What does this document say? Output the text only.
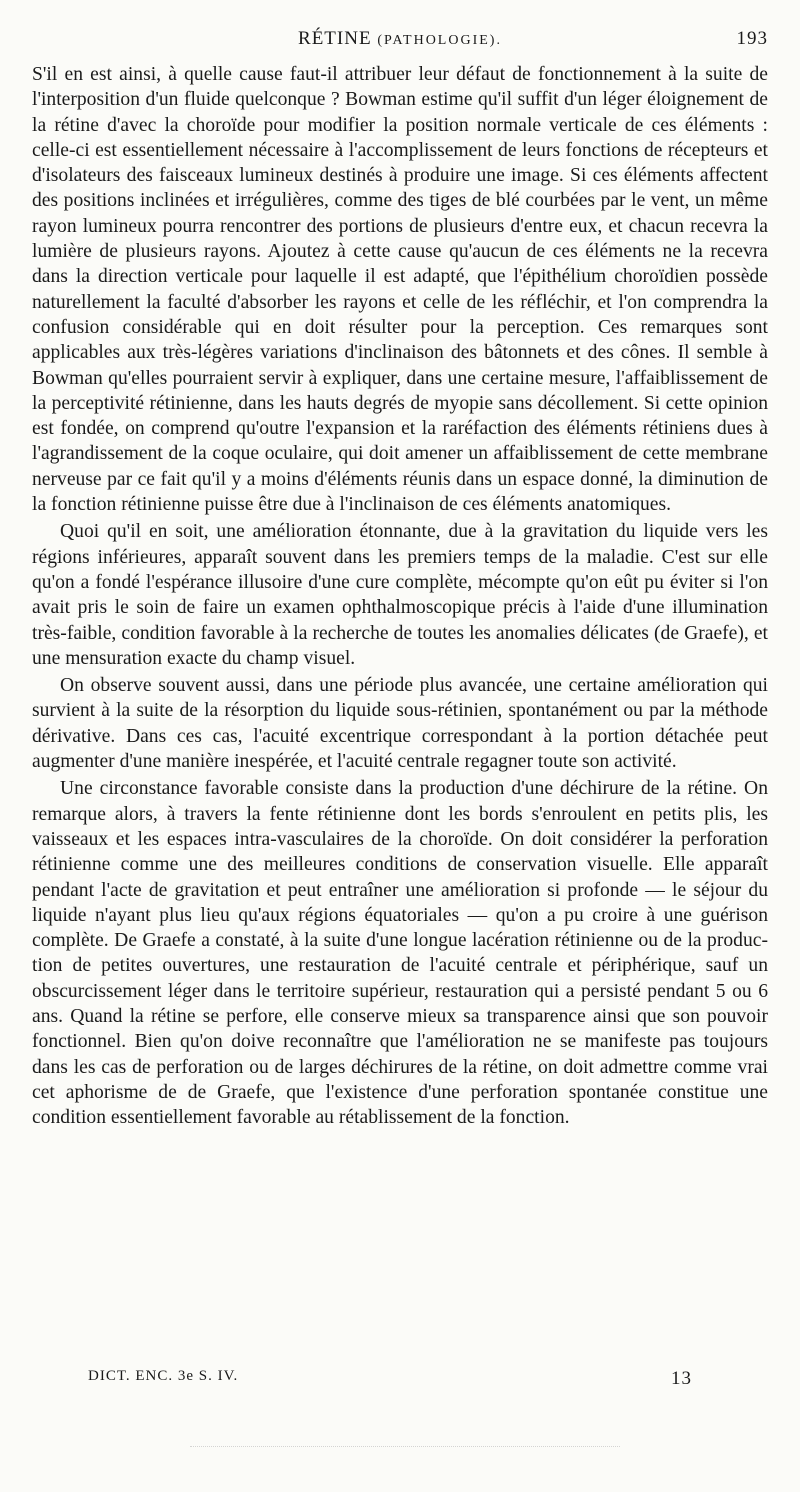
RÉTINE (PATHOLOGIE).	193

S'il en est ainsi, à quelle cause faut-il attribuer leur défaut de fonctionnement à la suite de l'interposition d'un fluide quelconque ? Bowman estime qu'il suffit d'un léger éloignement de la rétine d'avec la choroïde pour modifier la position normale verticale de ces éléments : celle-ci est essentiellement nécessaire à l'accomplissement de leurs fonctions de récepteurs et d'isolateurs des faisceaux lumineux destinés à produire une image. Si ces éléments affectent des positions inclinées et irrégulières, comme des tiges de blé courbées par le vent, un même rayon lumineux pourra rencontrer des portions de plusieurs d'entre eux, et chacun recevra la lumière de plusieurs rayons. Ajoutez à cette cause qu'aucun de ces éléments ne la recevra dans la direction verticale pour laquelle il est adapté, que l'épithélium choroïdien possède naturellement la faculté d'absorber les rayons et celle de les réfléchir, et l'on comprendra la confusion considérable qui en doit résulter pour la perception. Ces remarques sont applicables aux très-légères variations d'inclinaison des bâtonnets et des cônes. Il semble à Bowman qu'elles pourraient servir à expliquer, dans une certaine mesure, l'affaiblissement de la perceptivité rétinienne, dans les hauts degrés de myopie sans décollement. Si cette opinion est fondée, on comprend qu'outre l'expansion et la raréfaction des éléments rétiniens dues à l'agrandissement de la coque oculaire, qui doit amener un affaiblissement de cette membrane nerveuse par ce fait qu'il y a moins d'éléments réunis dans un espace donné, la diminution de la fonction rétinienne puisse être due à l'inclinaison de ces éléments anatomiques.

Quoi qu'il en soit, une amélioration étonnante, due à la gravitation du liquide vers les régions inférieures, apparaît souvent dans les premiers temps de la maladie. C'est sur elle qu'on a fondé l'espérance illusoire d'une cure complète, mécompte qu'on eût pu éviter si l'on avait pris le soin de faire un examen ophthalmoscopique précis à l'aide d'une illumination très-faible, condition favorable à la recherche de toutes les anomalies délicates (de Graefe), et une mensuration exacte du champ visuel.

On observe souvent aussi, dans une période plus avancée, une certaine amélioration qui survient à la suite de la résorption du liquide sous-rétinien, spontanément ou par la méthode dérivative. Dans ces cas, l'acuité excentrique correspondant à la portion détachée peut augmenter d'une manière inespérée, et l'acuité centrale regagner toute son activité.

Une circonstance favorable consiste dans la production d'une déchirure de la rétine. On remarque alors, à travers la fente rétinienne dont les bords s'enroulent en petits plis, les vaisseaux et les espaces intra-vasculaires de la choroïde. On doit considérer la perforation rétinienne comme une des meilleures conditions de conservation visuelle. Elle apparaît pendant l'acte de gravitation et peut entraîner une amélioration si profonde — le séjour du liquide n'ayant plus lieu qu'aux régions équatoriales — qu'on a pu croire à une guérison complète. De Graefe a constaté, à la suite d'une longue lacération rétinienne ou de la production de petites ouvertures, une restauration de l'acuité centrale et périphérique, sauf un obscurcissement léger dans le territoire supérieur, restauration qui a persisté pendant 5 ou 6 ans. Quand la rétine se perfore, elle conserve mieux sa transparence ainsi que son pouvoir fonctionnel. Bien qu'on doive reconnaître que l'amélioration ne se manifeste pas toujours dans les cas de perforation ou de larges déchirures de la rétine, on doit admettre comme vrai cet aphorisme de de Graefe, que l'existence d'une perforation spontanée constitue une condition essentiellement favorable au rétablissement de la fonction.

DICT. ENC. 3e S. IV.	13
